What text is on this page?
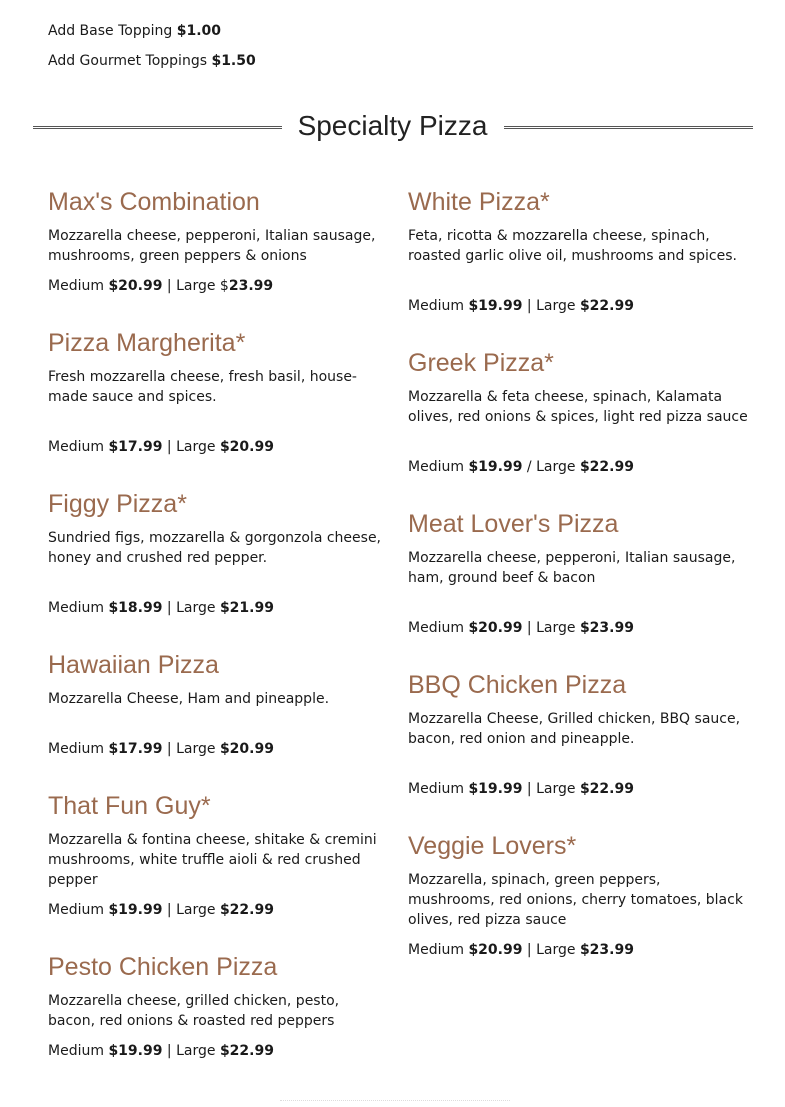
Add Base Topping $1.00
Add Gourmet Toppings $1.50
Specialty Pizza
Max's Combination
Mozzarella cheese, pepperoni, Italian sausage, mushrooms, green peppers & onions
Medium $20.99 | Large $23.99
Pizza Margherita*
Fresh mozzarella cheese, fresh basil, house-made sauce and spices.
Medium $17.99 | Large $20.99
Figgy Pizza*
Sundried figs, mozzarella & gorgonzola cheese, honey and crushed red pepper.
Medium $18.99 | Large $21.99
Hawaiian Pizza
Mozzarella Cheese, Ham and pineapple.
Medium $17.99 | Large $20.99
That Fun Guy*
Mozzarella & fontina cheese, shitake & cremini mushrooms, white truffle aioli & red crushed pepper
Medium $19.99 | Large $22.99
Pesto Chicken Pizza
Mozzarella cheese, grilled chicken, pesto, bacon, red onions & roasted red peppers
Medium $19.99 | Large $22.99
White Pizza*
Feta, ricotta & mozzarella cheese, spinach, roasted garlic olive oil, mushrooms and spices.
Medium $19.99 | Large $22.99
Greek Pizza*
Mozzarella & feta cheese, spinach, Kalamata olives, red onions & spices, light red pizza sauce
Medium $19.99 / Large $22.99
Meat Lover's Pizza
Mozzarella cheese, pepperoni, Italian sausage, ham, ground beef & bacon
Medium $20.99 | Large $23.99
BBQ Chicken Pizza
Mozzarella Cheese, Grilled chicken, BBQ sauce, bacon, red onion and pineapple.
Medium $19.99 | Large $22.99
Veggie Lovers*
Mozzarella, spinach, green peppers, mushrooms, red onions, cherry tomatoes, black olives, red pizza sauce
Medium $20.99 | Large $23.99
